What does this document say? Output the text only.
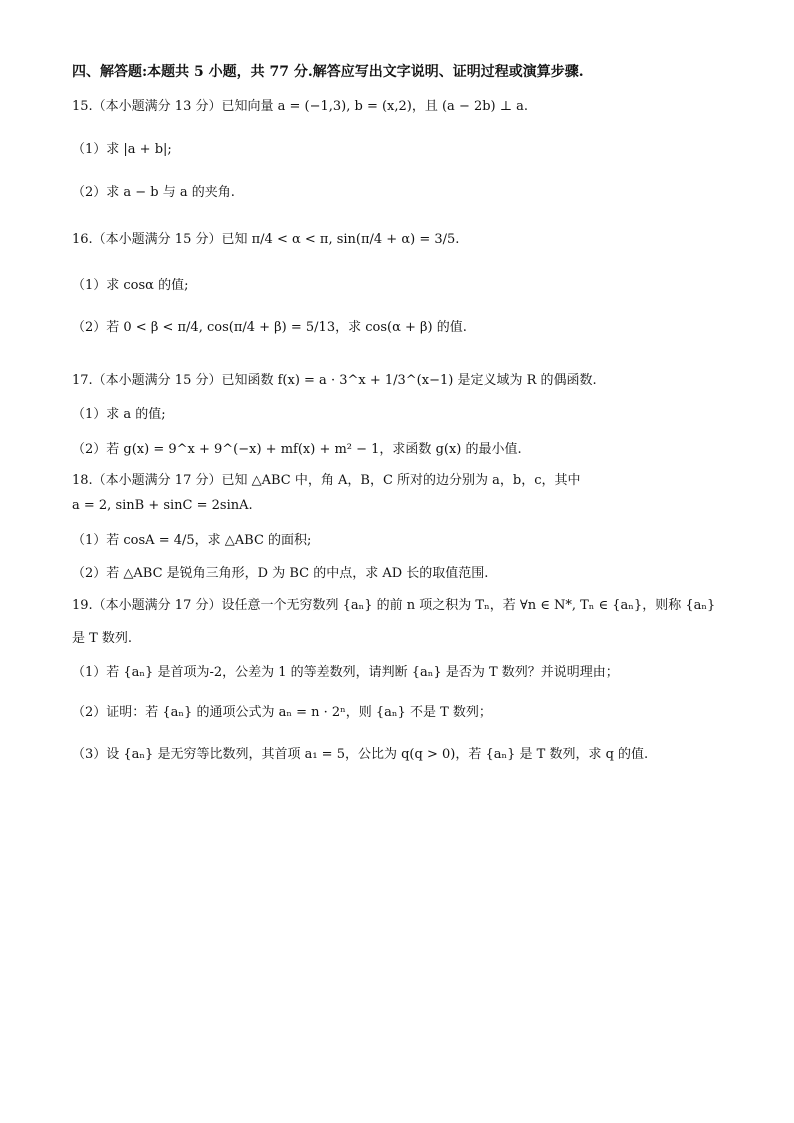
四、解答题:本题共 5 小题，共 77 分.解答应写出文字说明、证明过程或演算步骤.
15.（本小题满分 13 分）已知向量 a = (−1,3), b = (x,2)，且 (a − 2b) ⊥ a.
（1）求 |a + b|;
（2）求 a − b 与 a 的夹角.
16.（本小题满分 15 分）已知 π/4 < α < π, sin(π/4 + α) = 3/5.
（1）求 cosα 的值;
（2）若 0 < β < π/4, cos(π/4 + β) = 5/13，求 cos(α + β) 的值.
17.（本小题满分 15 分）已知函数 f(x) = a · 3^x + 1/3^(x−1) 是定义域为 R 的偶函数.
（1）求 a 的值;
（2）若 g(x) = 9^x + 9^(−x) + mf(x) + m² − 1，求函数 g(x) 的最小值.
18.（本小题满分 17 分）已知 △ABC 中，角 A，B，C 所对的边分别为 a，b，c，其中
a = 2, sinB + sinC = 2sinA.
（1）若 cosA = 4/5，求 △ABC 的面积;
（2）若 △ABC 是锐角三角形，D 为 BC 的中点，求 AD 长的取值范围.
19.（本小题满分 17 分）设任意一个无穷数列 {aₙ} 的前 n 项之积为 Tₙ，若 ∀n ∈ N*, Tₙ ∈ {aₙ}，则称 {aₙ}
是 T 数列.
（1）若 {aₙ} 是首项为-2，公差为 1 的等差数列，请判断 {aₙ} 是否为 T 数列？并说明理由；
（2）证明：若 {aₙ} 的通项公式为 aₙ = n · 2ⁿ，则 {aₙ} 不是 T 数列；
（3）设 {aₙ} 是无穷等比数列，其首项 a₁ = 5，公比为 q(q > 0)，若 {aₙ} 是 T 数列，求 q 的值.
